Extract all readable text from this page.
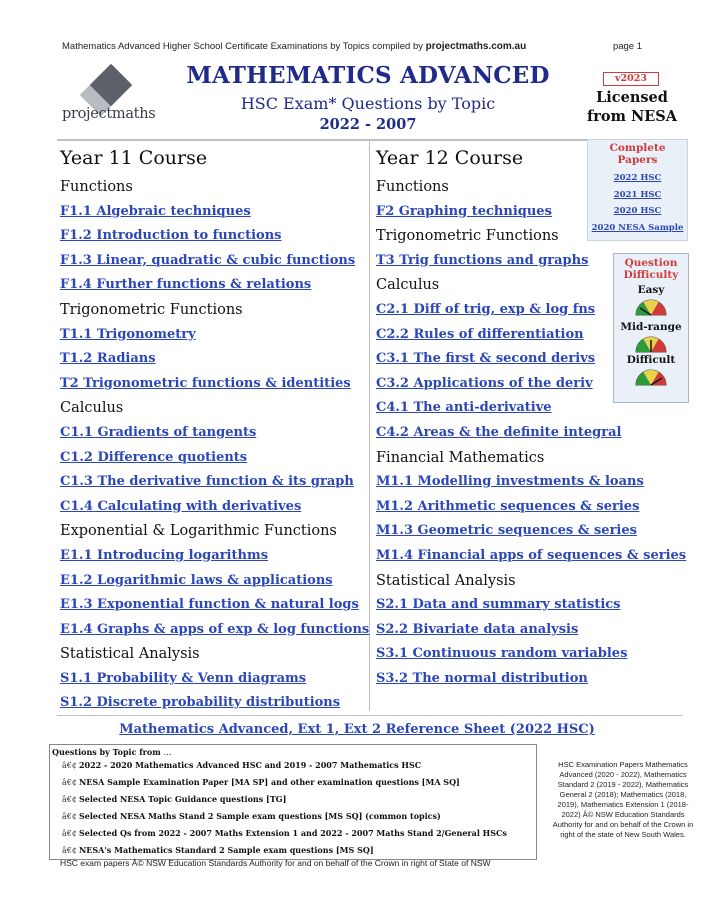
Mathematics Advanced Higher School Certificate Examinations by Topics compiled by projectmaths.com.au	page 1
projectmaths
MATHEMATICS ADVANCED
HSC Exam* Questions by Topic
2022 - 2007
v2023
Licensed
from NESA
Year 11 Course
Functions
F1.1 Algebraic techniques
F1.2 Introduction to functions
F1.3 Linear, quadratic & cubic functions
F1.4 Further functions & relations
Trigonometric Functions
T1.1 Trigonometry
T1.2 Radians
T2 Trigonometric functions & identities
Calculus
C1.1 Gradients of tangents
C1.2 Difference quotients
C1.3 The derivative function & its graph
C1.4 Calculating with derivatives
Exponential & Logarithmic Functions
E1.1 Introducing logarithms
E1.2 Logarithmic laws & applications
E1.3 Exponential function & natural logs
E1.4 Graphs & apps of exp & log functions
Statistical Analysis
S1.1 Probability & Venn diagrams
S1.2 Discrete probability distributions
Year 12 Course
Functions
F2 Graphing techniques
Trigonometric Functions
T3 Trig functions and graphs
Calculus
C2.1 Diff of trig, exp & log fns
C2.2 Rules of differentiation
C3.1 The first & second derivs
C3.2 Applications of the deriv
C4.1 The anti-derivative
C4.2 Areas & the definite integral
Financial Mathematics
M1.1 Modelling investments & loans
M1.2 Arithmetic sequences & series
M1.3 Geometric sequences & series
M1.4 Financial apps of sequences & series
Statistical Analysis
S2.1 Data and summary statistics
S2.2 Bivariate data analysis
S3.1 Continuous random variables
S3.2 The normal distribution
Complete
Papers
2022 HSC
2021 HSC
2020 HSC
2020 NESA Sample
Question
Difficulty
Easy
Mid-range
Difficult
Mathematics Advanced, Ext 1, Ext 2 Reference Sheet (2022 HSC)
Questions by Topic from …
â€¢ 2022 - 2020 Mathematics Advanced HSC and 2019 - 2007 Mathematics HSC
â€¢ NESA Sample Examination Paper [MA SP] and other examination questions [MA SQ]
â€¢ Selected NESA Topic Guidance questions [TG]
â€¢ Selected NESA Maths Stand 2 Sample exam questions [MS SQ] (common topics)
â€¢ Selected Qs from 2022 - 2007 Maths Extension 1 and 2022 - 2007 Maths Stand 2/General HSCs
â€¢ NESA's Mathematics Standard 2 Sample exam questions [MS SQ]
HSC Examination Papers Mathematics Advanced (2020 - 2022), Mathematics Standard 2 (2019 - 2022), Mathematics General 2 (2018); Mathematics (2018, 2019), Mathematics Extension 1 (2018-2022) Â© NSW Education Standards Authority for and on behalf of the Crown in right of the state of New South Wales.
HSC exam papers Â© NSW Education Standards Authority for and on behalf of the Crown in right of State of NSW
